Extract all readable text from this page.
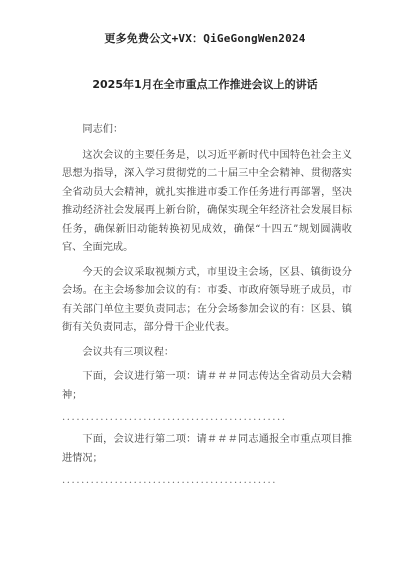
更多免费公文+VX：QiGeGongWen2024
2025年1月在全市重点工作推进会议上的讲话

同志们：

这次会议的主要任务是，以习近平新时代中国特色社会主义思想为指导，深入学习贯彻党的二十届三中全会精神、贯彻落实全省动员大会精神，就扎实推进市委工作任务进行再部署，坚决推动经济社会发展再上新台阶，确保实现全年经济社会发展目标任务，确保新旧动能转换初见成效，确保“十四五”规划圆满收官、全面完成。

今天的会议采取视频方式，市里设主会场，区县、镇街设分会场。在主会场参加会议的有：市委、市政府领导班子成员，市有关部门单位主要负责同志；在分会场参加会议的有：区县、镇街有关负责同志，部分骨干企业代表。

会议共有三项议程：

下面，会议进行第一项：请＃＃＃同志传达全省动员大会精神；

...............................................

下面，会议进行第二项：请＃＃＃同志通报全市重点项目推进情况；

.............................................
